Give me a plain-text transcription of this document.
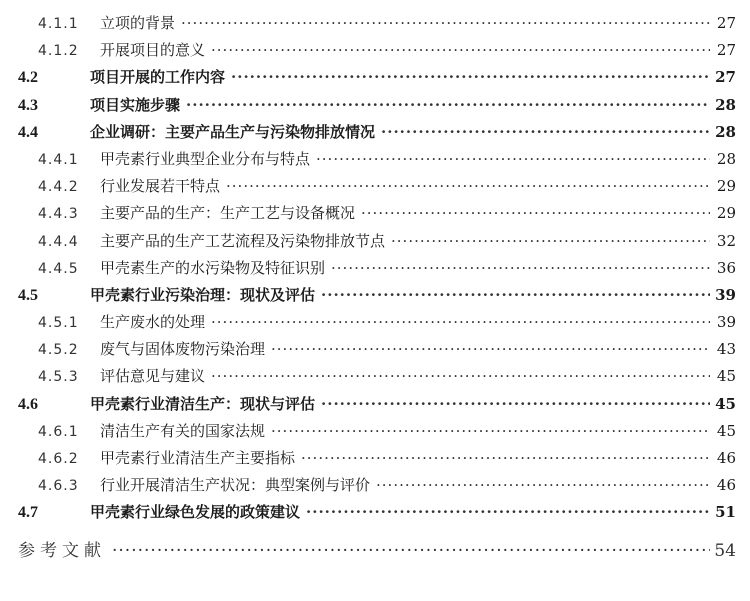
4.1.1	立项的背景 ·····	27
4.1.2	开展项目的意义 ·····	27
4.2	项目开展的工作内容 ·····	27
4.3	项目实施步骤 ·····	28
4.4	企业调研：主要产品生产与污染物排放情况 ·····	28
4.4.1	甲壳素行业典型企业分布与特点 ·····	28
4.4.2	行业发展若干特点 ·····	29
4.4.3	主要产品的生产：生产工艺与设备概况 ·····	29
4.4.4	主要产品的生产工艺流程及污染物排放节点 ·····	32
4.4.5	甲壳素生产的水污染物及特征识别 ·····	36
4.5	甲壳素行业污染治理：现状及评估 ·····	39
4.5.1	生产废水的处理 ·····	39
4.5.2	废气与固体废物污染治理 ·····	43
4.5.3	评估意见与建议 ·····	45
4.6	甲壳素行业清洁生产：现状与评估 ·····	45
4.6.1	清洁生产有关的国家法规 ·····	45
4.6.2	甲壳素行业清洁生产主要指标 ·····	46
4.6.3	行业开展清洁生产状况：典型案例与评价 ·····	46
4.7	甲壳素行业绿色发展的政策建议 ·····	51
参考文献 ·····	54
